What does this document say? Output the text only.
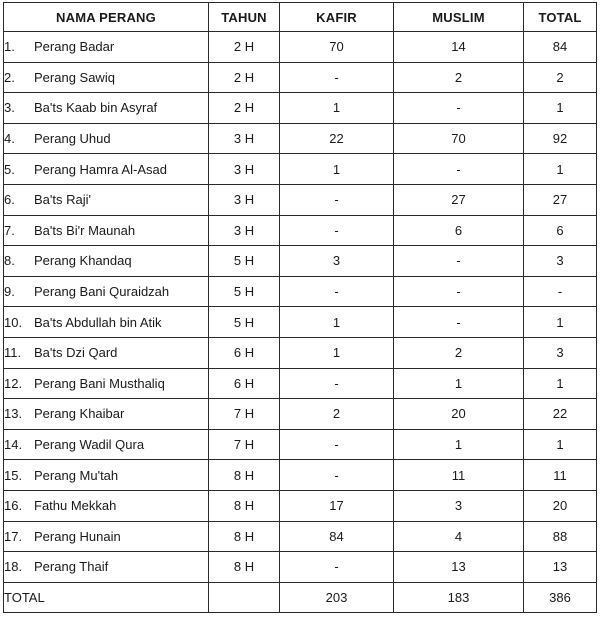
NAMA PERANG	TAHUN	KAFIR	MUSLIM	TOTAL
1. Perang Badar	2 H	70	14	84
2. Perang Sawiq	2 H	-	2	2
3. Ba'ts Kaab bin Asyraf	2 H	1	-	1
4. Perang Uhud	3 H	22	70	92
5. Perang Hamra Al-Asad	3 H	1	-	1
6. Ba'ts Raji'	3 H	-	27	27
7. Ba'ts Bi'r Maunah	3 H	-	6	6
8. Perang Khandaq	5 H	3	-	3
9. Perang Bani Quraidzah	5 H	-	-	-
10. Ba'ts Abdullah bin Atik	5 H	1	-	1
11. Ba'ts Dzi Qard	6 H	1	2	3
12. Perang Bani Musthaliq	6 H	-	1	1
13. Perang Khaibar	7 H	2	20	22
14. Perang Wadil Qura	7 H	-	1	1
15. Perang Mu'tah	8 H	-	11	11
16. Fathu Mekkah	8 H	17	3	20
17. Perang Hunain	8 H	84	4	88
18. Perang Thaif	8 H	-	13	13
TOTAL		203	183	386
